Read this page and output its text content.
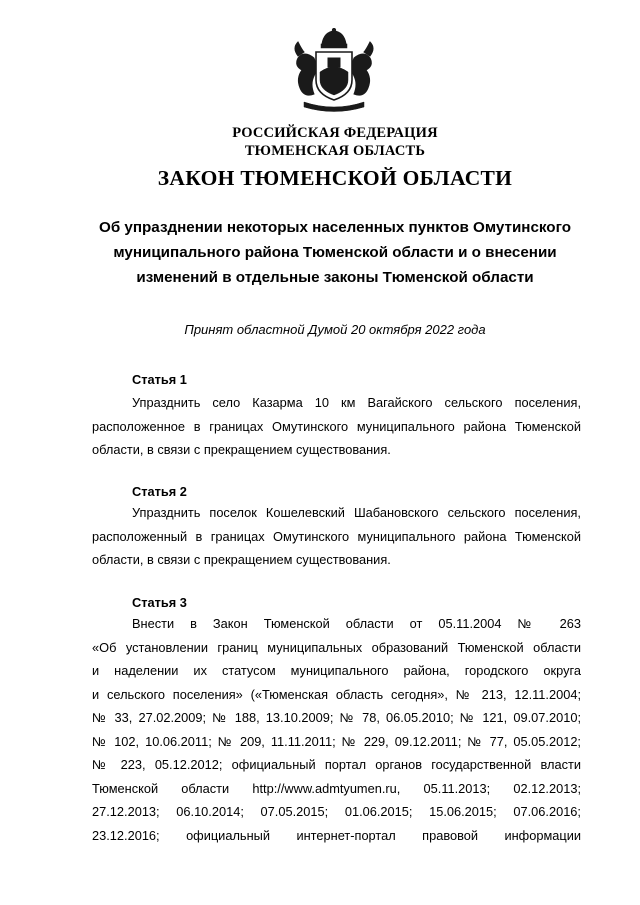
РОССИЙСКАЯ ФЕДЕРАЦИЯ
ТЮМЕНСКАЯ ОБЛАСТЬ
ЗАКОН ТЮМЕНСКОЙ ОБЛАСТИ
Об упразднении некоторых населенных пунктов Омутинского
муниципального района Тюменской области и о внесении
изменений в отдельные законы Тюменской области
Принят областной Думой 20 октября 2022 года
Статья 1
Упразднить село Казарма 10 км Вагайского сельского поселения,
расположенное в границах Омутинского муниципального района Тюменской
области, в связи с прекращением существования.
Статья 2
Упразднить поселок Кошелевский Шабановского сельского поселения,
расположенный в границах Омутинского муниципального района Тюменской
области, в связи с прекращением существования.
Статья 3
Внести в Закон Тюменской области от 05.11.2004 № 263
«Об установлении границ муниципальных образований Тюменской области
и наделении их статусом муниципального района, городского округа
и сельского поселения» («Тюменская область сегодня», № 213, 12.11.2004;
№ 33, 27.02.2009; № 188, 13.10.2009; № 78, 06.05.2010; № 121, 09.07.2010;
№ 102, 10.06.2011; № 209, 11.11.2011; № 229, 09.12.2011; № 77, 05.05.2012;
№ 223, 05.12.2012; официальный портал органов государственной власти
Тюменской области http://www.admtyumen.ru, 05.11.2013; 02.12.2013;
27.12.2013; 06.10.2014; 07.05.2015; 01.06.2015; 15.06.2015; 07.06.2016;
23.12.2016; официальный интернет-портал правовой информации
